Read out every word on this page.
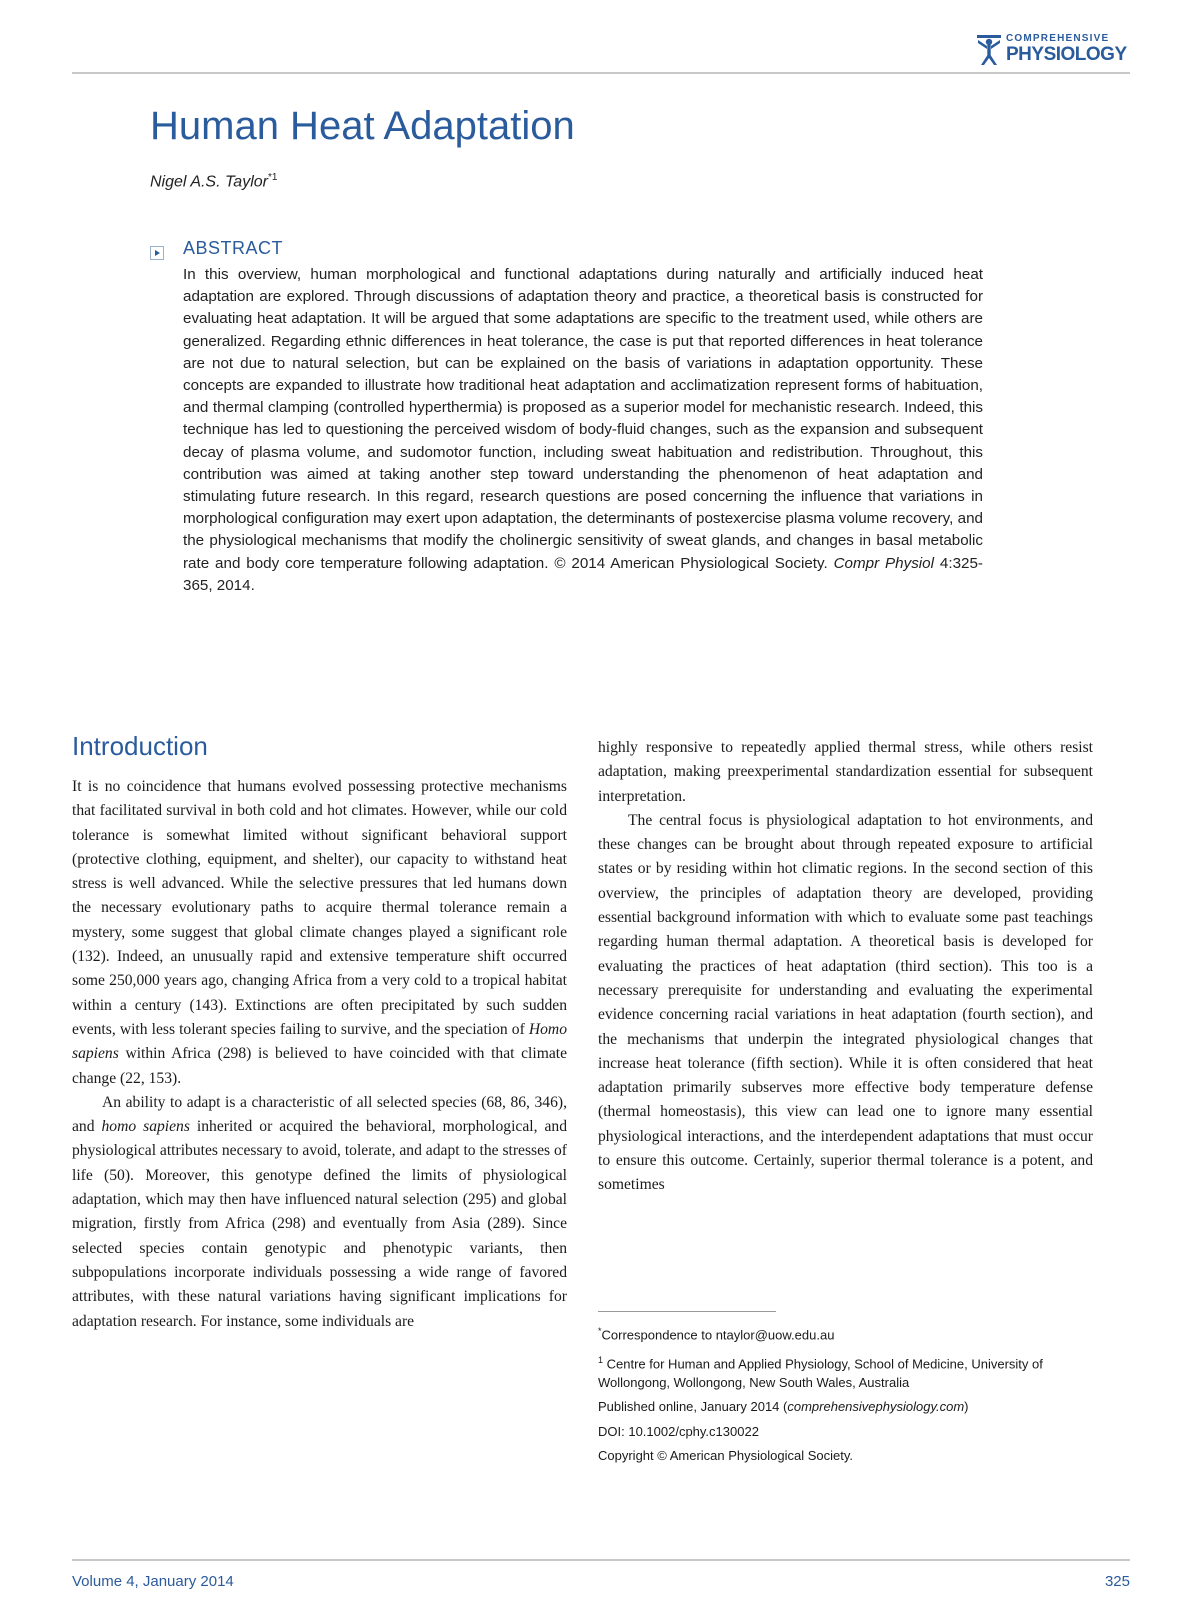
COMPREHENSIVE
PHYSIOLOGY
Human Heat Adaptation
Nigel A.S. Taylor$^{*1}$
ABSTRACT

In this overview, human morphological and functional adaptations during naturally and artificially induced heat adaptation are explored. Through discussions of adaptation theory and practice, a theoretical basis is constructed for evaluating heat adaptation. It will be argued that some adaptations are specific to the treatment used, while others are generalized. Regarding ethnic differences in heat tolerance, the case is put that reported differences in heat tolerance are not due to natural selection, but can be explained on the basis of variations in adaptation opportunity. These concepts are expanded to illustrate how traditional heat adaptation and acclimatization represent forms of habituation, and thermal clamping (controlled hyperthermia) is proposed as a superior model for mechanistic research. Indeed, this technique has led to questioning the perceived wisdom of body-fluid changes, such as the expansion and subsequent decay of plasma volume, and sudomotor function, including sweat habituation and redistribution. Throughout, this contribution was aimed at taking another step toward understanding the phenomenon of heat adaptation and stimulating future research. In this regard, research questions are posed concerning the influence that variations in morphological configuration may exert upon adaptation, the determinants of postexercise plasma volume recovery, and the physiological mechanisms that modify the cholinergic sensitivity of sweat glands, and changes in basal metabolic rate and body core temperature following adaptation. © 2014 American Physiological Society. Compr Physiol 4:325-365, 2014.

Introduction

It is no coincidence that humans evolved possessing protective mechanisms that facilitated survival in both cold and hot climates. However, while our cold tolerance is somewhat limited without significant behavioral support (protective clothing, equipment, and shelter), our capacity to withstand heat stress is well advanced. While the selective pressures that led humans down the necessary evolutionary paths to acquire thermal tolerance remain a mystery, some suggest that global climate changes played a significant role (132). Indeed, an unusually rapid and extensive temperature shift occurred some 250,000 years ago, changing Africa from a very cold to a tropical habitat within a century (143). Extinctions are often precipitated by such sudden events, with less tolerant species failing to survive, and the speciation of Homo sapiens within Africa (298) is believed to have coincided with that climate change (22, 153).

An ability to adapt is a characteristic of all selected species (68, 86, 346), and homo sapiens inherited or acquired the behavioral, morphological, and physiological attributes necessary to avoid, tolerate, and adapt to the stresses of life (50). Moreover, this genotype defined the limits of physiological adaptation, which may then have influenced natural selection (295) and global migration, firstly from Africa (298) and eventually from Asia (289). Since selected species contain genotypic and phenotypic variants, then subpopulations incorporate individuals possessing a wide range of favored attributes, with these natural variations having significant implications for adaptation research. For instance, some individuals are

highly responsive to repeatedly applied thermal stress, while others resist adaptation, making preexperimental standardization essential for subsequent interpretation.

The central focus is physiological adaptation to hot environments, and these changes can be brought about through repeated exposure to artificial states or by residing within hot climatic regions. In the second section of this overview, the principles of adaptation theory are developed, providing essential background information with which to evaluate some past teachings regarding human thermal adaptation. A theoretical basis is developed for evaluating the practices of heat adaptation (third section). This too is a necessary prerequisite for understanding and evaluating the experimental evidence concerning racial variations in heat adaptation (fourth section), and the mechanisms that underpin the integrated physiological changes that increase heat tolerance (fifth section). While it is often considered that heat adaptation primarily subserves more effective body temperature defense (thermal homeostasis), this view can lead one to ignore many essential physiological interactions, and the interdependent adaptations that must occur to ensure this outcome. Certainly, superior thermal tolerance is a potent, and sometimes

*Correspondence to ntaylor@uow.edu.au

$^1$ Centre for Human and Applied Physiology, School of Medicine, University of Wollongong, Wollongong, New South Wales, Australia

Published online, January 2014 (comprehensivephysiology.com)

DOI: 10.1002/cphy.c130022

Copyright © American Physiological Society.

Volume 4, January 2014	325
